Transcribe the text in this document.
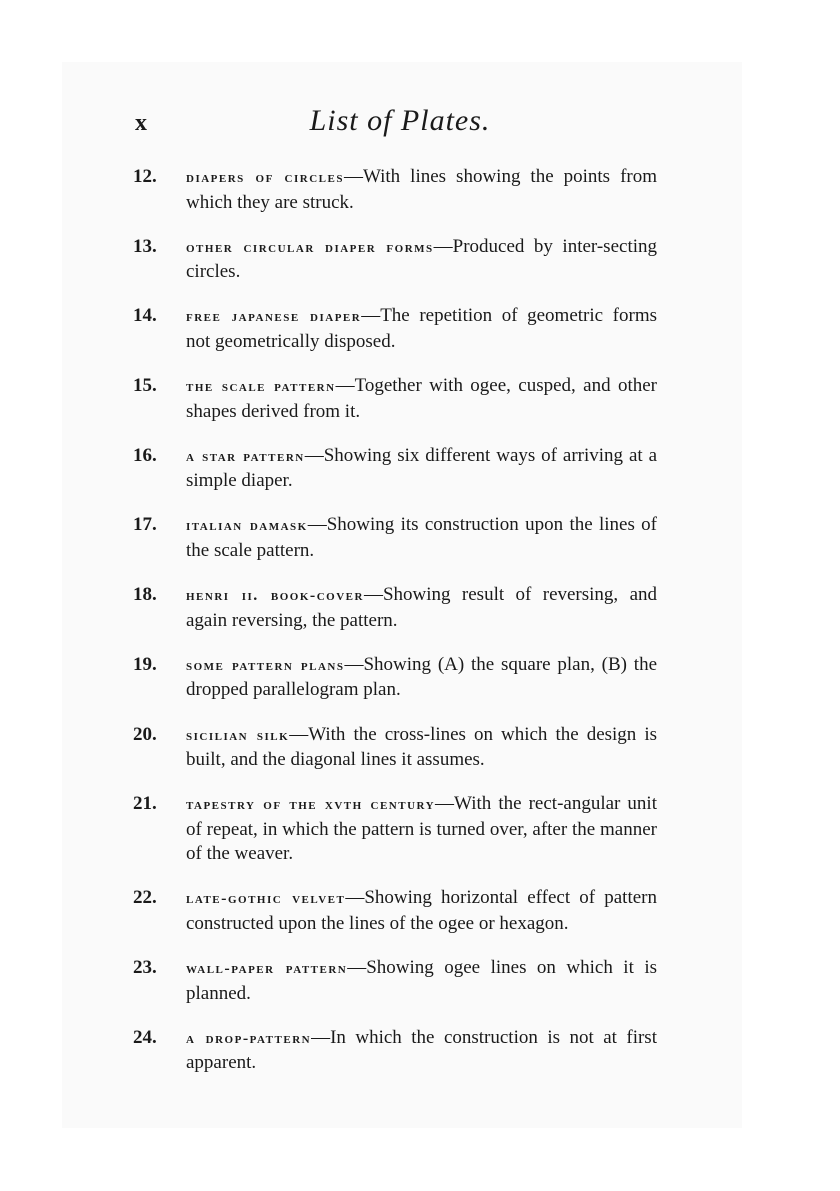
x	List of Plates.
12. diapers of circles—With lines showing the points from which they are struck.
13. other circular diaper forms—Produced by inter-secting circles.
14. free japanese diaper—The repetition of geometric forms not geometrically disposed.
15. the scale pattern—Together with ogee, cusped, and other shapes derived from it.
16. a star pattern—Showing six different ways of arriving at a simple diaper.
17. italian damask—Showing its construction upon the lines of the scale pattern.
18. henri ii. book-cover—Showing result of reversing, and again reversing, the pattern.
19. some pattern plans—Showing (A) the square plan, (B) the dropped parallelogram plan.
20. sicilian silk—With the cross-lines on which the design is built, and the diagonal lines it assumes.
21. tapestry of the xvth century—With the rect-angular unit of repeat, in which the pattern is turned over, after the manner of the weaver.
22. late-gothic velvet—Showing horizontal effect of pattern constructed upon the lines of the ogee or hexagon.
23. wall-paper pattern—Showing ogee lines on which it is planned.
24. a drop-pattern—In which the construction is not at first apparent.
